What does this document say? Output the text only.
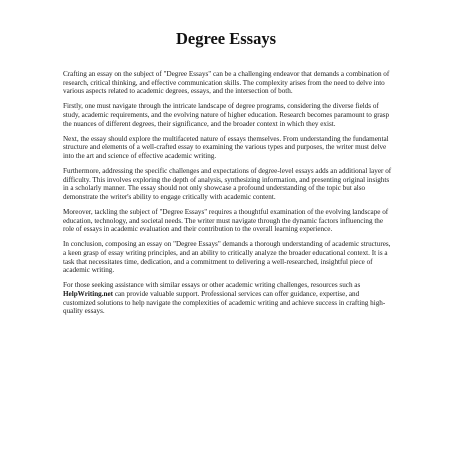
Degree Essays

Crafting an essay on the subject of "Degree Essays" can be a challenging endeavor that demands a combination of research, critical thinking, and effective communication skills. The complexity arises from the need to delve into various aspects related to academic degrees, essays, and the intersection of both.

Firstly, one must navigate through the intricate landscape of degree programs, considering the diverse fields of study, academic requirements, and the evolving nature of higher education. Research becomes paramount to grasp the nuances of different degrees, their significance, and the broader context in which they exist.

Next, the essay should explore the multifaceted nature of essays themselves. From understanding the fundamental structure and elements of a well-crafted essay to examining the various types and purposes, the writer must delve into the art and science of effective academic writing.

Furthermore, addressing the specific challenges and expectations of degree-level essays adds an additional layer of difficulty. This involves exploring the depth of analysis, synthesizing information, and presenting original insights in a scholarly manner. The essay should not only showcase a profound understanding of the topic but also demonstrate the writer's ability to engage critically with academic content.

Moreover, tackling the subject of "Degree Essays" requires a thoughtful examination of the evolving landscape of education, technology, and societal needs. The writer must navigate through the dynamic factors influencing the role of essays in academic evaluation and their contribution to the overall learning experience.

In conclusion, composing an essay on "Degree Essays" demands a thorough understanding of academic structures, a keen grasp of essay writing principles, and an ability to critically analyze the broader educational context. It is a task that necessitates time, dedication, and a commitment to delivering a well-researched, insightful piece of academic writing.

For those seeking assistance with similar essays or other academic writing challenges, resources such as HelpWriting.net can provide valuable support. Professional services can offer guidance, expertise, and customized solutions to help navigate the complexities of academic writing and achieve success in crafting high-quality essays.
